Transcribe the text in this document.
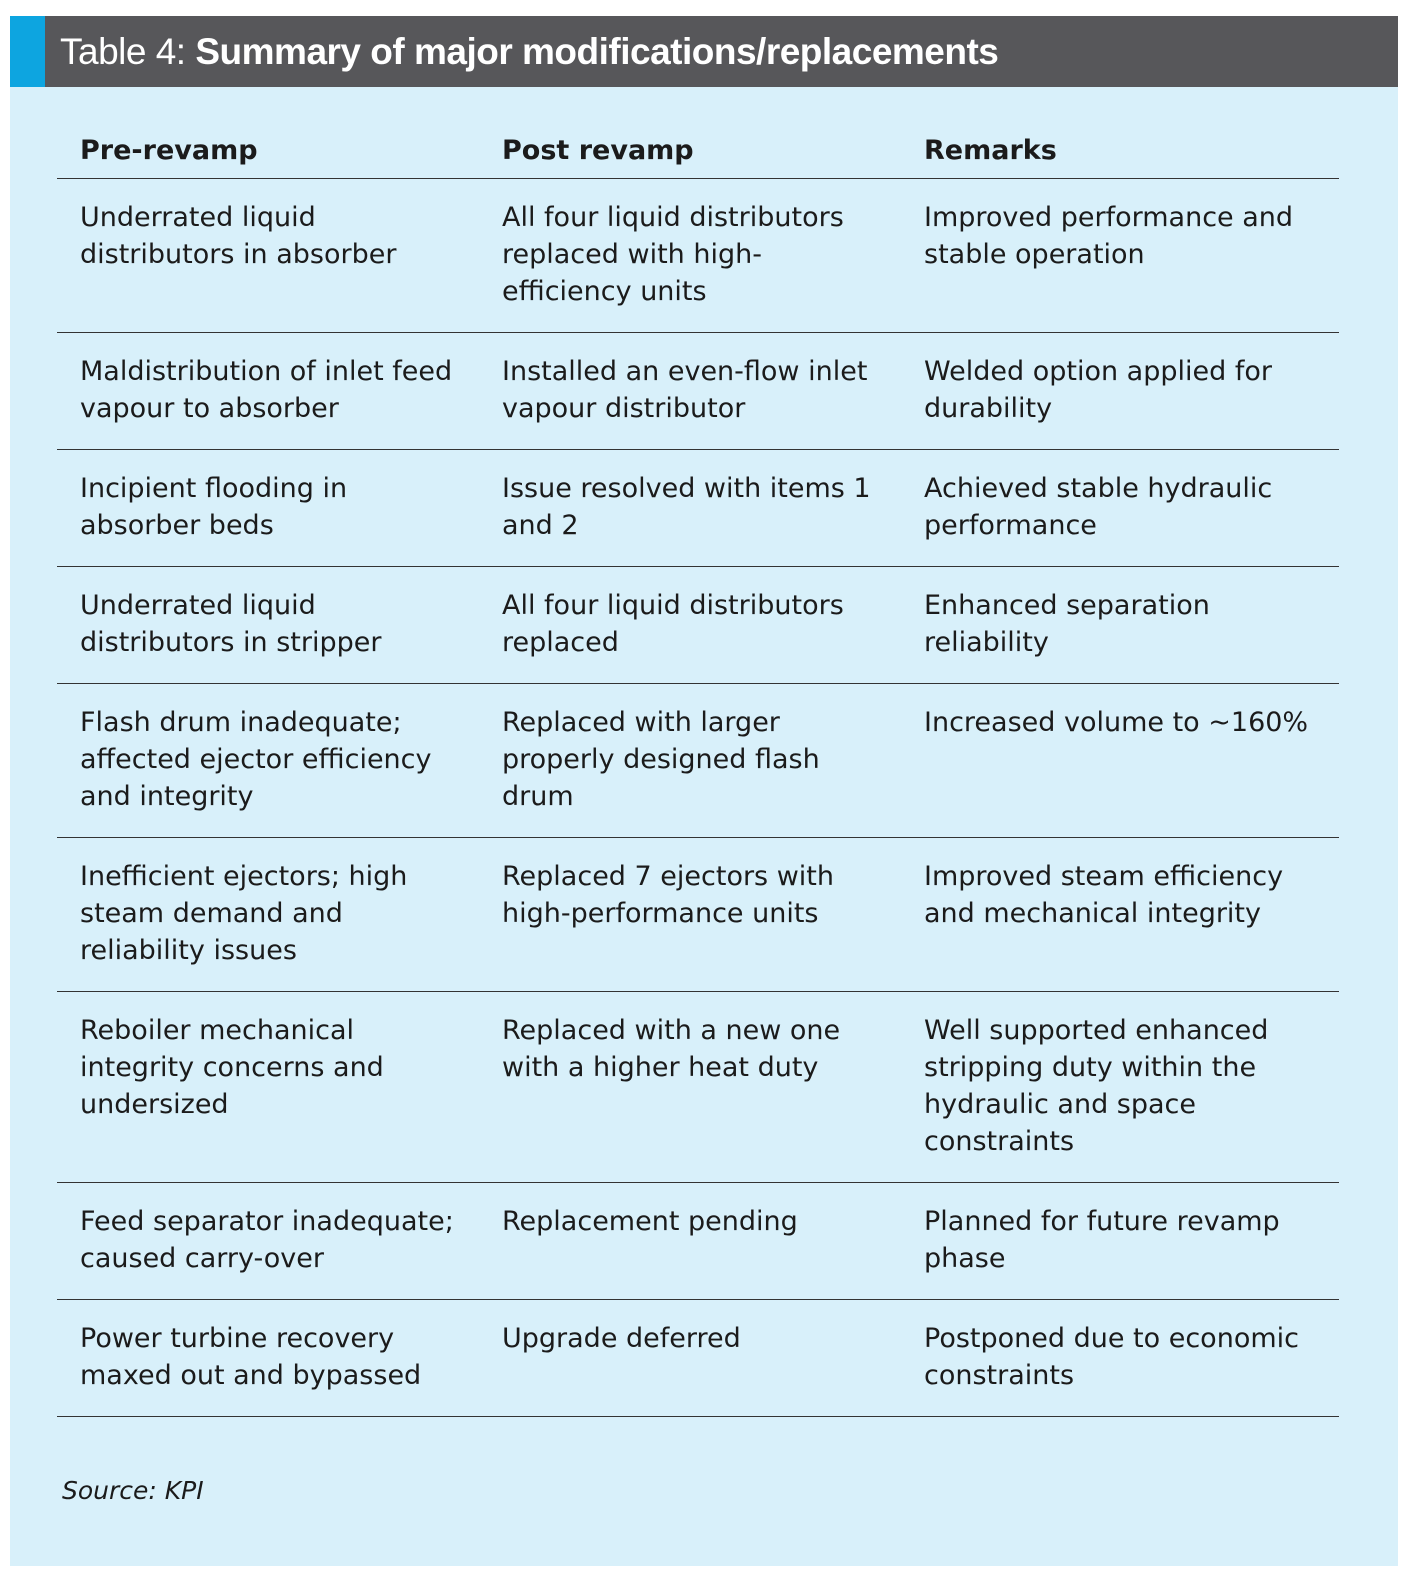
Table 4: Summary of major modifications/replacements
Pre-revamp	Post revamp	Remarks
Underrated liquid distributors in absorber	All four liquid distributors replaced with high-efficiency units	Improved performance and stable operation
Maldistribution of inlet feed vapour to absorber	Installed an even-flow inlet vapour distributor	Welded option applied for durability
Incipient flooding in absorber beds	Issue resolved with items 1 and 2	Achieved stable hydraulic performance
Underrated liquid distributors in stripper	All four liquid distributors replaced	Enhanced separation reliability
Flash drum inadequate; affected ejector efficiency and integrity	Replaced with larger properly designed flash drum	Increased volume to ~160%
Inefficient ejectors; high steam demand and reliability issues	Replaced 7 ejectors with high-performance units	Improved steam efficiency and mechanical integrity
Reboiler mechanical integrity concerns and undersized	Replaced with a new one with a higher heat duty	Well supported enhanced stripping duty within the hydraulic and space constraints
Feed separator inadequate; caused carry-over	Replacement pending	Planned for future revamp phase
Power turbine recovery maxed out and bypassed	Upgrade deferred	Postponed due to economic constraints
Source: KPI
